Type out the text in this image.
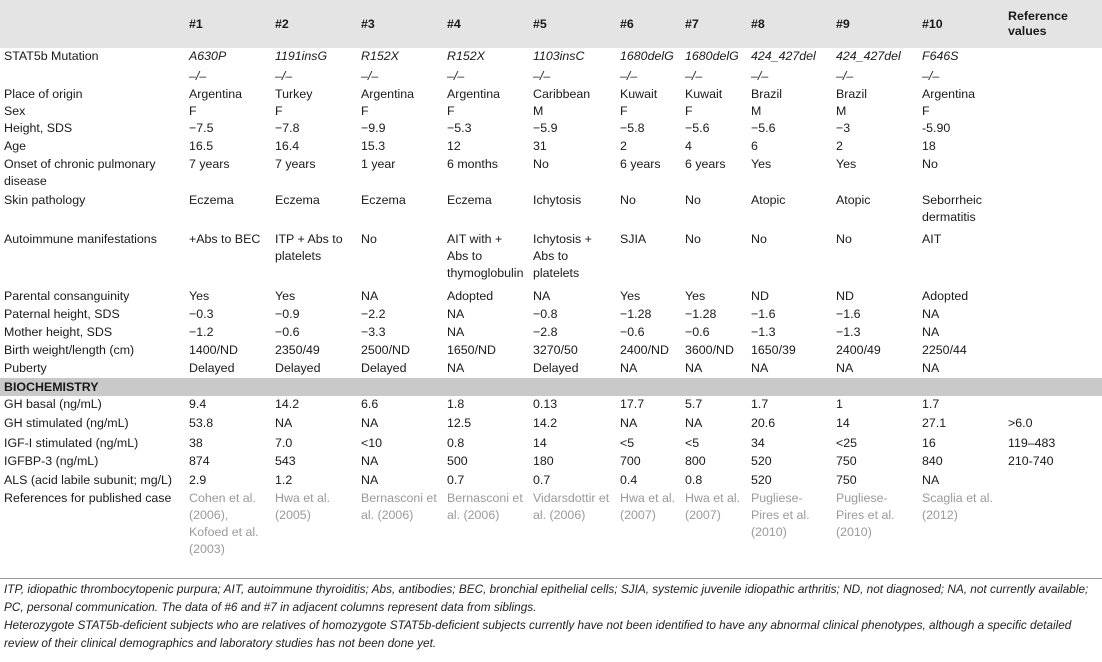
	#1	#2	#3	#4	#5	#6	#7	#8	#9	#10	Reference values
STAT5b Mutation	A630P	1191insG	R152X	R152X	1103insC	1680delG	1680delG	424_427del	424_427del	F646S	
	–/–	–/–	–/–	–/–	–/–	–/–	–/–	–/–	–/–	–/–	
Place of origin	Argentina	Turkey	Argentina	Argentina	Caribbean	Kuwait	Kuwait	Brazil	Brazil	Argentina	
Sex	F	F	F	F	M	F	F	M	M	F	
Height, SDS	−7.5	−7.8	−9.9	−5.3	−5.9	−5.8	−5.6	−5.6	−3	-5.90	
Age	16.5	16.4	15.3	12	31	2	4	6	2	18	
Onset of chronic pulmonary disease	7 years	7 years	1 year	6 months	No	6 years	6 years	Yes	Yes	No	
Skin pathology	Eczema	Eczema	Eczema	Eczema	Ichytosis	No	No	Atopic	Atopic	Seborrheic dermatitis	
Autoimmune manifestations	+Abs to BEC	ITP + Abs to platelets	No	AIT with + Abs to thymoglobulin	Ichytosis + Abs to platelets	SJIA	No	No	No	AIT	
Parental consanguinity	Yes	Yes	NA	Adopted	NA	Yes	Yes	ND	ND	Adopted	
Paternal height, SDS	−0.3	−0.9	−2.2	NA	−0.8	−1.28	−1.28	−1.6	−1.6	NA	
Mother height, SDS	−1.2	−0.6	−3.3	NA	−2.8	−0.6	−0.6	−1.3	−1.3	NA	
Birth weight/length (cm)	1400/ND	2350/49	2500/ND	1650/ND	3270/50	2400/ND	3600/ND	1650/39	2400/49	2250/44	
Puberty	Delayed	Delayed	Delayed	NA	Delayed	NA	NA	NA	NA	NA	
BIOCHEMISTRY											
GH basal (ng/mL)	9.4	14.2	6.6	1.8	0.13	17.7	5.7	1.7	1	1.7	
GH stimulated (ng/mL)	53.8	NA	NA	12.5	14.2	NA	NA	20.6	14	27.1	>6.0
IGF-I stimulated (ng/mL)	38	7.0	<10	0.8	14	<5	<5	34	<25	16	119–483
IGFBP-3 (ng/mL)	874	543	NA	500	180	700	800	520	750	840	210-740
ALS (acid labile subunit; mg/L)	2.9	1.2	NA	0.7	0.7	0.4	0.8	520	750	NA	
References for published case	Cohen et al. (2006), Kofoed et al. (2003)	Hwa et al. (2005)	Bernasconi et al. (2006)	Bernasconi et al. (2006)	Vidarsdottir et al. (2006)	Hwa et al. (2007)	Hwa et al. (2007)	Pugliese-Pires et al. (2010)	Pugliese-Pires et al. (2010)	Scaglia et al. (2012)	

ITP, idiopathic thrombocytopenic purpura; AIT, autoimmune thyroiditis; Abs, antibodies; BEC, bronchial epithelial cells; SJIA, systemic juvenile idiopathic arthritis; ND, not diagnosed; NA, not currently available; PC, personal communication. The data of #6 and #7 in adjacent columns represent data from siblings.

Heterozygote STAT5b-deficient subjects who are relatives of homozygote STAT5b-deficient subjects currently have not been identified to have any abnormal clinical phenotypes, although a specific detailed review of their clinical demographics and laboratory studies has not been done yet.
